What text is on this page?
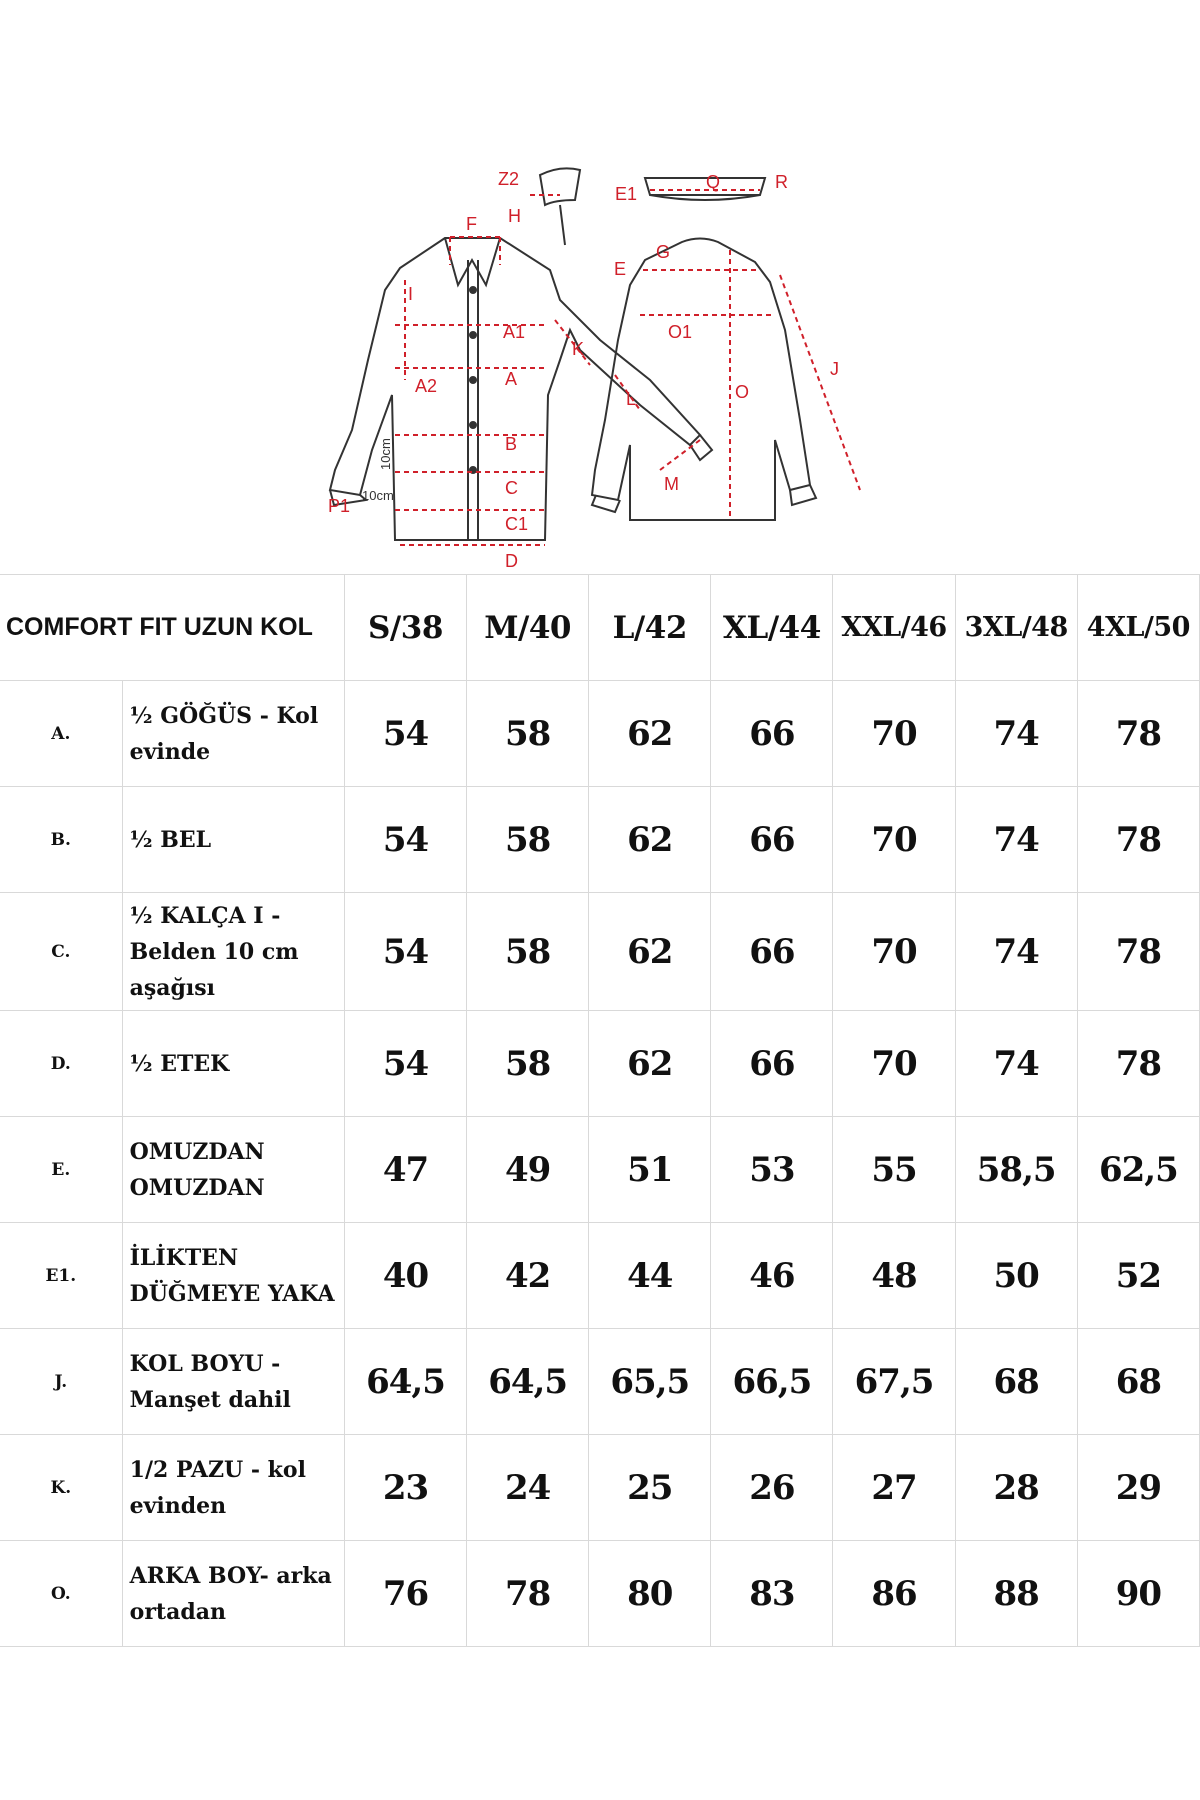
Z2
H
F
E1
Q	R
E
G
I
A1
K
O1
J
A2	A
L	O
B
M
C
C1
D
P1
10cm
10cm
COMFORT FIT UZUN KOL		S/38	M/40	L/42	XL/44	XXL/46	3XL/48	4XL/50
A.	½ GÖĞÜS - Kol evinde	54	58	62	66	70	74	78
B.	½ BEL	54	58	62	66	70	74	78
C.	½ KALÇA I - Belden 10 cm aşağısı	54	58	62	66	70	74	78
D.	½ ETEK	54	58	62	66	70	74	78
E.	OMUZDAN OMUZDAN	47	49	51	53	55	58,5	62,5
E1.	İLİKTEN DÜĞMEYE YAKA	40	42	44	46	48	50	52
J.	KOL BOYU - Manşet dahil	64,5	64,5	65,5	66,5	67,5	68	68
K.	1/2 PAZU - kol evinden	23	24	25	26	27	28	29
O.	ARKA BOY- arka ortadan	76	78	80	83	86	88	90
